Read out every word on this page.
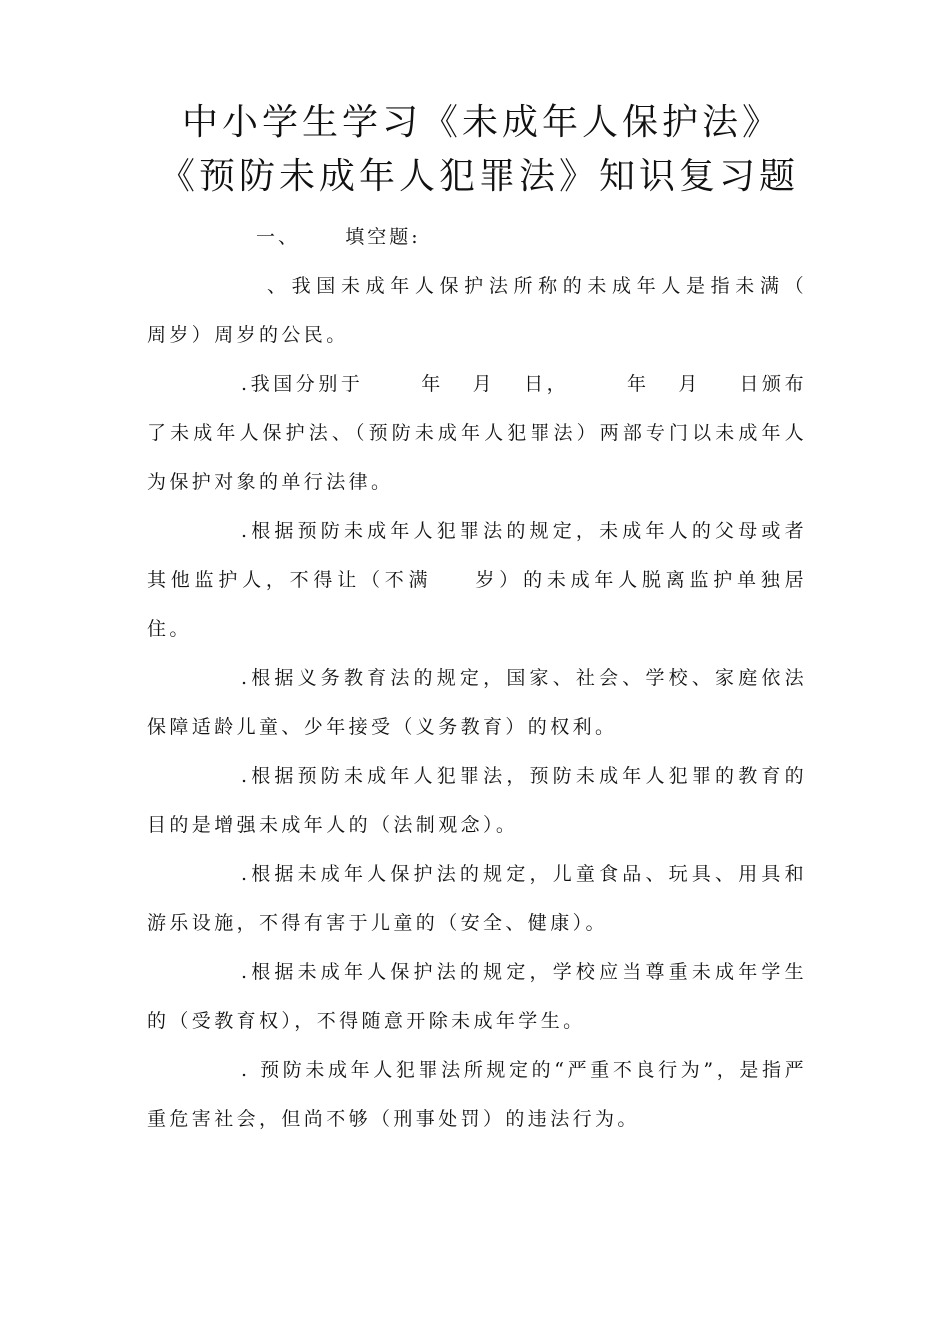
中小学生学习《未成年人保护法》
《预防未成年人犯罪法》知识复习题
一、     填空题:

、我国未成年人保护法所称的未成年人是指未满（    周岁）周岁的公民。

.我国分别于      年   月   日，      年   月    日颁布了未成年人保护法、（预防未成年人犯罪法）两部专门以未成年人为保护对象的单行法律。

.根据预防未成年人犯罪法的规定，未成年人的父母或者其他监护人，不得让（不满    岁）的未成年人脱离监护单独居住。

.根据义务教育法的规定，国家、社会、学校、家庭依法保障适龄儿童、少年接受（义务教育）的权利。

.根据预防未成年人犯罪法，预防未成年人犯罪的教育的目的是增强未成年人的（法制观念）。

.根据未成年人保护法的规定，儿童食品、玩具、用具和游乐设施，不得有害于儿童的（安全、健康）。

.根据未成年人保护法的规定，学校应当尊重未成年学生的（受教育权），不得随意开除未成年学生。

. 预防未成年人犯罪法所规定的“严重不良行为”，是指严重危害社会，但尚不够（刑事处罚）的违法行为。
